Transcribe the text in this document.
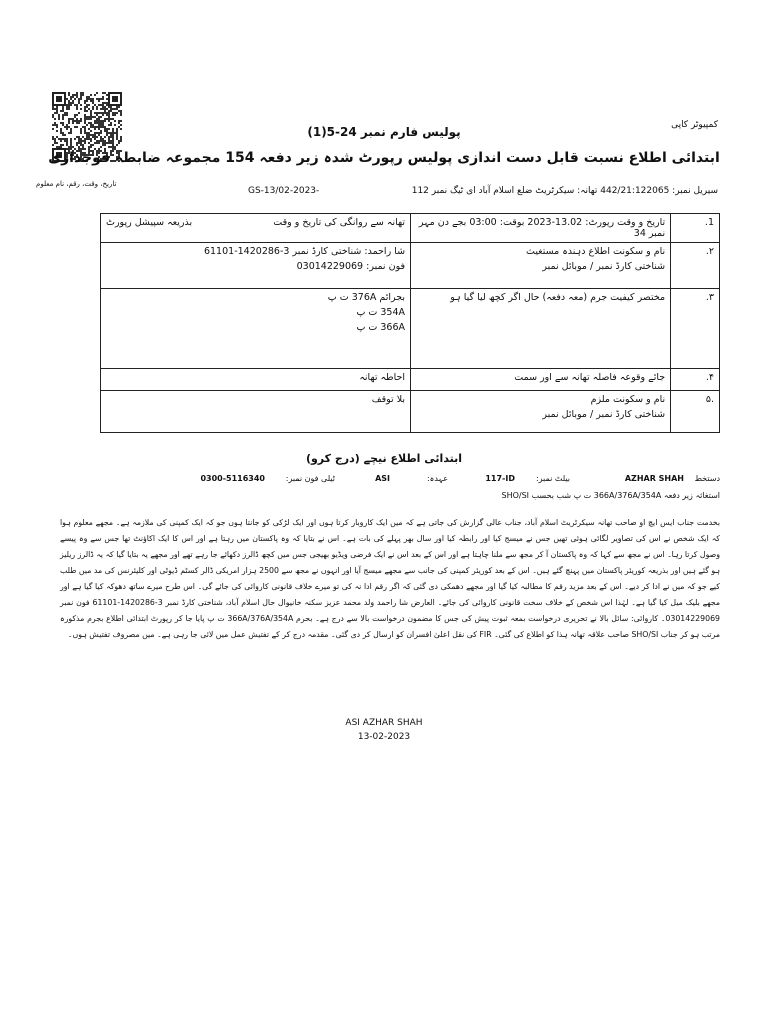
تاریخ، وقت، رقم، نام معلوم
کمپیوٹر کاپی
پولیس فارم نمبر 24-5(1)
ابتدائی اطلاع نسبت قابل دست اندازی پولیس رپورٹ شدہ زیر دفعہ 154 مجموعہ ضابطہ فوجداری
GS-13/02-2023-	سیریل نمبر: 442/21:122065 تھانہ: سیکرٹریٹ ضلع اسلام آباد ای ٹیگ نمبر 112
1.	تاریخ و وقت رپورٹ: 13.02-2023 بوقت: 03:00 بجے دن مہر نمبر 34	تھانہ سے روانگی کی تاریخ و وقت
بذریعہ سپیشل رپورٹ

۲.	نام و سکونت اطلاع دہندہ مستغیث
شناختی کارڈ نمبر / موبائل نمبر	شا راحمد: شناختی کارڈ نمبر 3-1420286-61101
فون نمبر: 03014229069

۳.	مختصر کیفیت جرم (معہ دفعہ) حال اگر کچھ لیا گیا ہو	بجرائم 376A ت پ
354A ت پ
366A ت پ

۴.	جائے وقوعہ فاصلہ تھانہ سے اور سمت	احاطہ تھانہ
.۵	نام و سکونت ملزم
شناختی کارڈ نمبر / موبائل نمبر	بلا توقف
ابتدائی اطلاع نیچے (درج کرو)
دستخط
AZHAR SHAH
بیلٹ نمبر:
117-ID
عہدہ:
ASI
ٹیلی فون نمبر:
0300-5116340
استغاثہ زیر دفعہ 366A/376A/354A ت پ شب بحسب SHO/SI
بخدمت جناب ایس ایچ او صاحب تھانہ سیکرٹریٹ اسلام آباد، جناب عالی گزارش کی جاتی ہے کہ میں ایک کاروبار کرتا ہوں اور ایک لڑکی کو جانتا ہوں جو کہ ایک کمپنی کی ملازمہ ہے۔ مجھے معلوم ہوا کہ ایک شخص نے اس کی تصاویر لگائی ہوئی تھیں جس نے میسج کیا اور رابطہ کیا اور سال بھر پہلے کی بات ہے۔ اس نے بتایا کہ وہ پاکستان میں رہتا ہے اور اس کا ایک اکاؤنٹ تھا جس سے وہ پیسے وصول کرتا رہا۔ اس نے مجھ سے کہا کہ وہ پاکستان آ کر مجھ سے ملنا چاہتا ہے اور اس کے بعد اس نے ایک فرضی ویڈیو بھیجی جس میں کچھ ڈالرز دکھائے جا رہے تھے اور مجھے یہ بتایا گیا کہ یہ ڈالرز ریلیز ہو گئے ہیں اور بذریعہ کوریئر پاکستان میں پہنچ گئے ہیں۔ اس کے بعد کوریئر کمپنی کی جانب سے مجھے میسج آیا اور انہوں نے مجھ سے 2500 ہزار امریکی ڈالر کسٹم ڈیوٹی اور کلیئرنس کی مد میں طلب کیے جو کہ میں نے ادا کر دیے۔ اس کے بعد مزید رقم کا مطالبہ کیا گیا اور مجھے دھمکی دی گئی کہ اگر رقم ادا نہ کی تو میرے خلاف قانونی کاروائی کی جائے گی۔ اس طرح میرے ساتھ دھوکہ کیا گیا ہے اور مجھے بلیک میل کیا گیا ہے۔ لہٰذا اس شخص کے خلاف سخت قانونی کاروائی کی جائے۔ العارض شا راحمد ولد محمد عزیز سکنہ خانیوال حال اسلام آباد، شناختی کارڈ نمبر 3-1420286-61101 فون نمبر 03014229069۔ کاروائی: سائل بالا نے تحریری درخواست بمعہ ثبوت پیش کی جس کا مضمون درخواست بالا سے درج ہے۔ بحرم 366A/376A/354A ت پ پایا جا کر رپورٹ ابتدائی اطلاع بجرم مذکورہ مرتب ہو کر جناب SHO/SI صاحب علاقہ تھانہ ہذا کو اطلاع کی گئی۔ FIR کی نقل اعلیٰ افسران کو ارسال کر دی گئی۔ مقدمہ درج کر کے تفتیش عمل میں لائی جا رہی ہے۔ میں مصروف تفتیش ہوں۔
ASI AZHAR SHAH
13-02-2023
